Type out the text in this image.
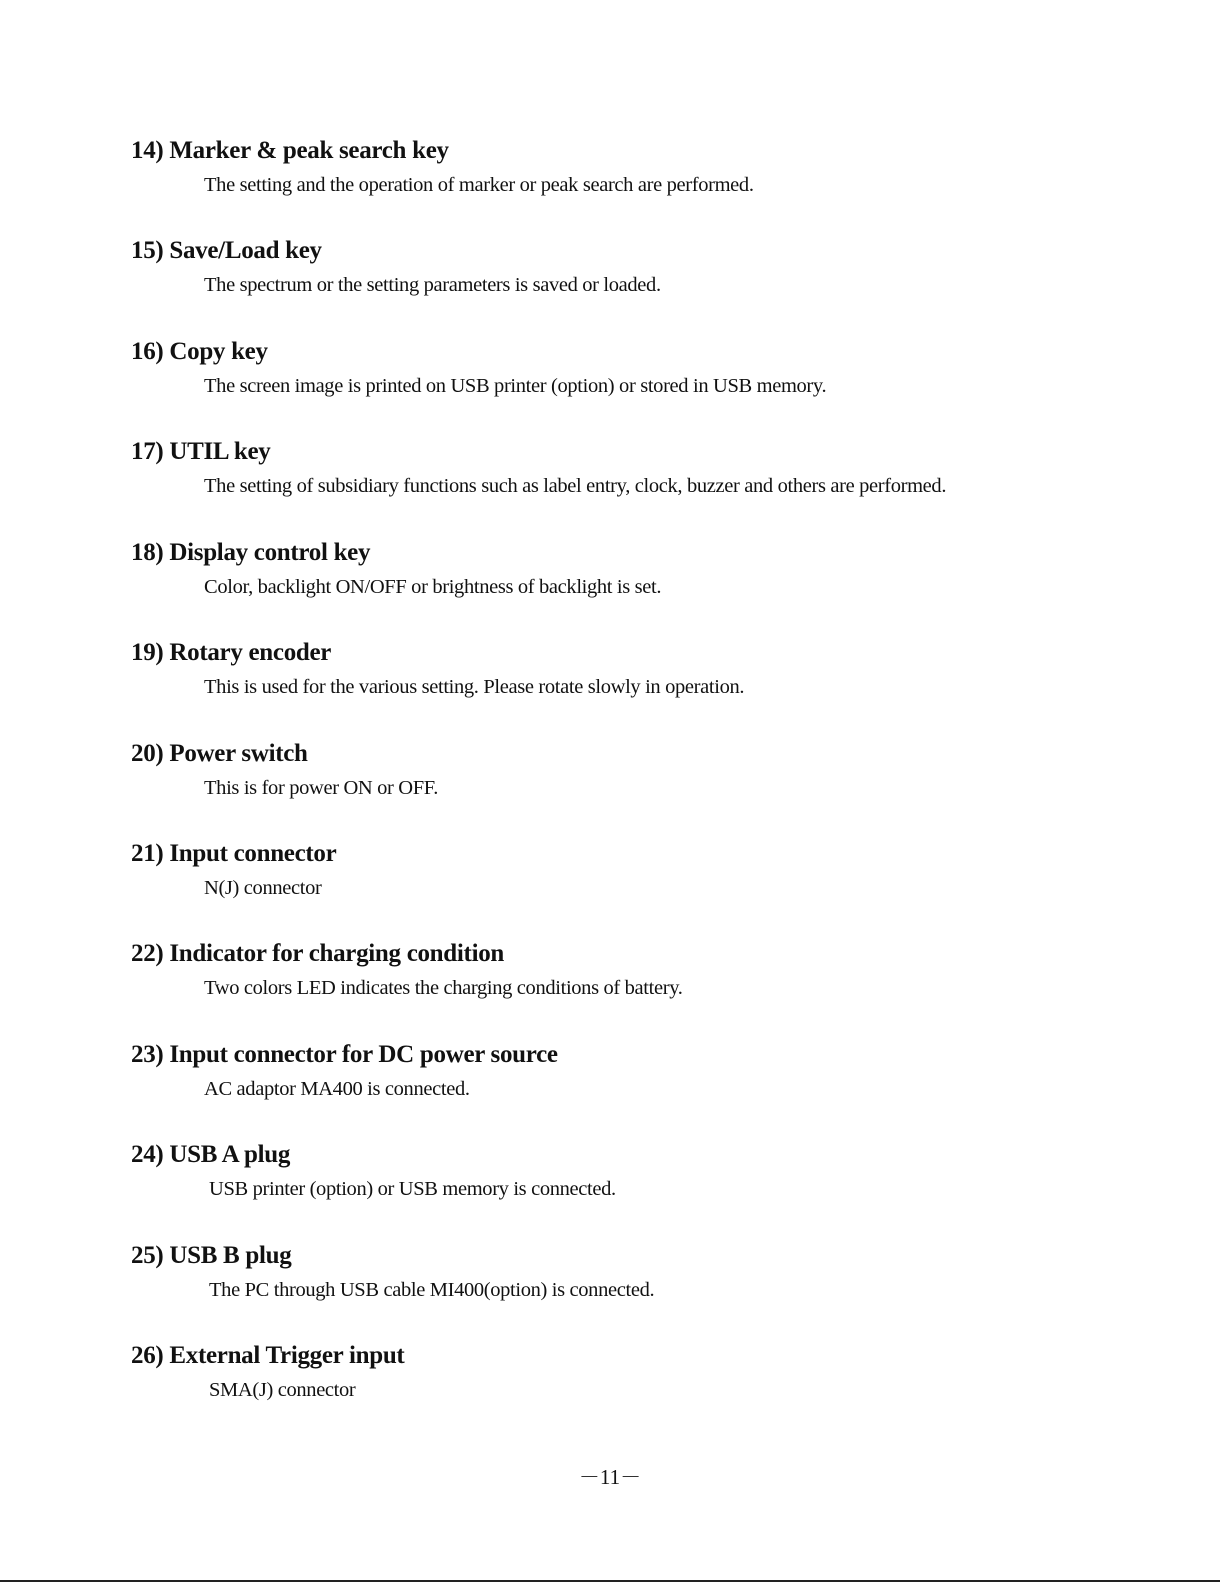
14) Marker & peak search key
The setting and the operation of marker or peak search are performed.
15) Save/Load key
The spectrum or the setting parameters is saved or loaded.
16) Copy key
The screen image is printed on USB printer (option) or stored in USB memory.
17) UTIL key
The setting of subsidiary functions such as label entry, clock, buzzer and others are performed.
18) Display control key
Color, backlight ON/OFF or brightness of backlight is set.
19) Rotary encoder
This is used for the various setting. Please rotate slowly in operation.
20) Power switch
This is for power ON or OFF.
21) Input connector
N(J) connector
22) Indicator for charging condition
Two colors LED indicates the charging conditions of battery.
23) Input connector for DC power source
AC adaptor MA400 is connected.
24) USB A plug
USB printer (option) or USB memory is connected.
25) USB B plug
The PC through USB cable MI400(option) is connected.
26) External Trigger input
SMA(J) connector
－11－
